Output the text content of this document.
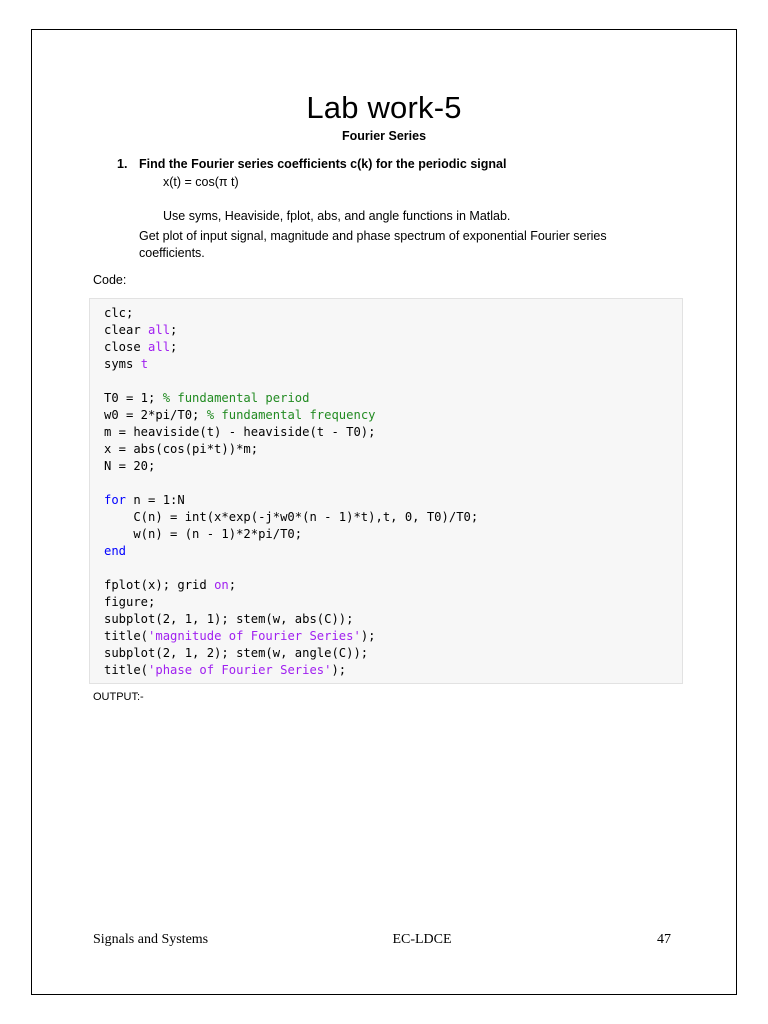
Lab work-5
Fourier Series
1. Find the Fourier series coefficients c(k) for the periodic signal
x(t) = cos(π t)
Use syms, Heaviside, fplot, abs, and angle functions in Matlab.
Get plot of input signal, magnitude and phase spectrum of exponential Fourier series coefficients.
Code:
clc;
clear all;
close all;
syms t
T0 = 1; % fundamental period
w0 = 2*pi/T0; % fundamental frequency
m = heaviside(t) - heaviside(t - T0);
x = abs(cos(pi*t))*m;
N = 20;
for n = 1:N
C(n) = int(x*exp(-j*w0*(n - 1)*t),t, 0, T0)/T0;
w(n) = (n - 1)*2*pi/T0;
end
fplot(x); grid on;
figure;
subplot(2, 1, 1); stem(w, abs(C));
title('magnitude of Fourier Series');
subplot(2, 1, 2); stem(w, angle(C));
title('phase of Fourier Series');
OUTPUT:-
Signals and Systems	EC-LDCE	47
